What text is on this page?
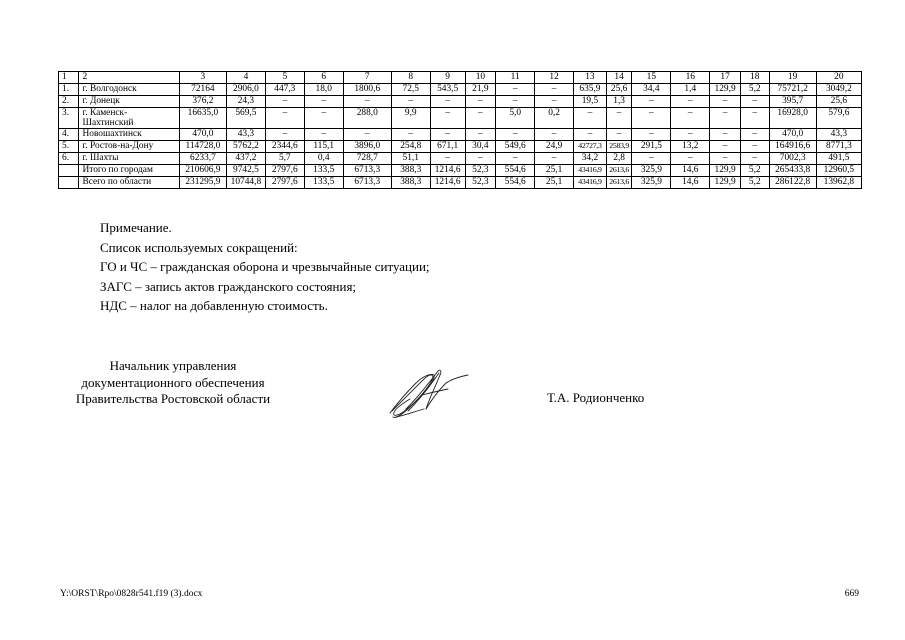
1	2	3	4	5	6	7	8	9	10	11	12	13	14	15	16	17	18	19	20
1.	г. Волгодонск	72164	2906,0	447,3	18,0	1800,6	72,5	543,5	21,9	–	–	635,9	25,6	34,4	1,4	129,9	5,2	75721,2	3049,2
2.	г. Донецк	376,2	24,3	–	–	–	–	–	–	–	–	19,5	1,3	–	–	–	–	395,7	25,6
3.	г. Каменск-Шахтинский	16635,0	569,5	–	–	288,0	9,9	–	–	5,0	0,2	–	–	–	–	–	–	16928,0	579,6
4.	Новошахтинск	470,0	43,3	–	–	–	–	–	–	–	–	–	–	–	–	–	–	470,0	43,3
5.	г. Ростов-на-Дону	114728,0	5762,2	2344,6	115,1	3896,0	254,8	671,1	30,4	549,6	24,9	42727,3	2583,9	291,5	13,2	–	–	164916,6	8771,3
6.	г. Шахты	6233,7	437,2	5,7	0,4	728,7	51,1	–	–	–	–	34,2	2,8	–	–	–	–	7002,3	491,5
	Итого по городам	210606,9	9742,5	2797,6	133,5	6713,3	388,3	1214,6	52,3	554,6	25,1	43416,9	2613,6	325,9	14,6	129,9	5,2	265433,8	12960,5
	Всего по области	231295,9	10744,8	2797,6	133,5	6713,3	388,3	1214,6	52,3	554,6	25,1	43416,9	2613,6	325,9	14,6	129,9	5,2	286122,8	13962,8
Примечание.
Список используемых сокращений:
ГО и ЧС – гражданская оборона и чрезвычайные ситуации;
ЗАГС – запись актов гражданского состояния;
НДС – налог на добавленную стоимость.
Начальник управления
документационного обеспечения
Правительства Ростовской области	Т.А. Родионченко
Y:\ORST\Rpo\0828r541.f19 (3).docx	669
